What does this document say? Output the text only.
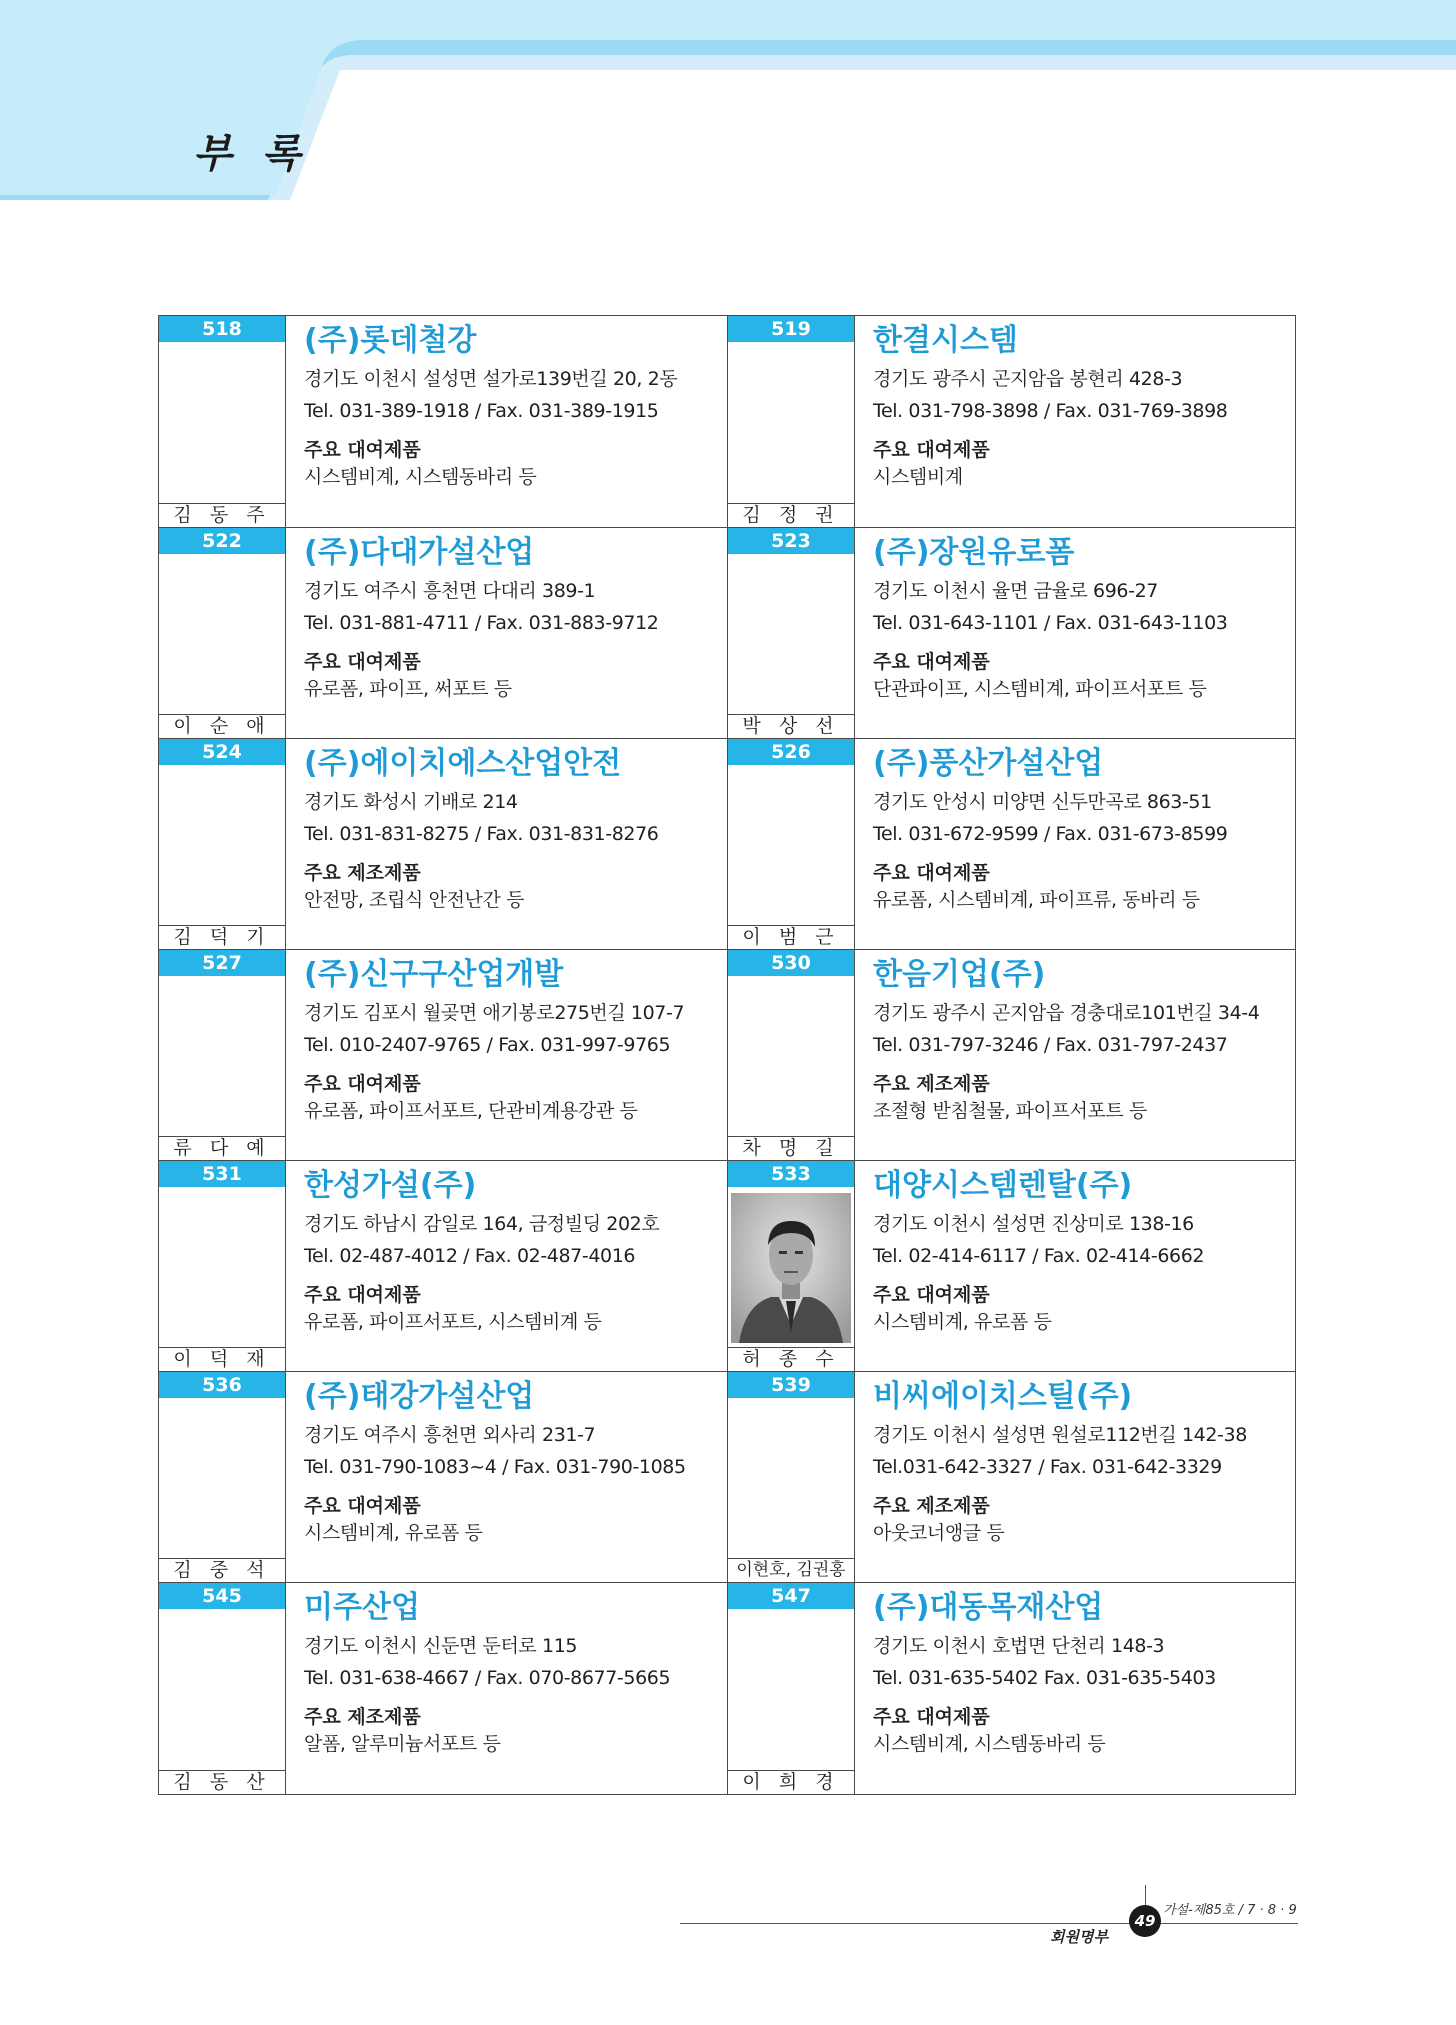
부 록
518
김 동 주
(주)롯데철강
경기도 이천시 설성면 설가로139번길 20, 2동
Tel. 031-389-1918 / Fax. 031-389-1915
주요 대여제품
시스템비계, 시스템동바리 등
519
김 정 권
한결시스템
경기도 광주시 곤지암읍 봉현리 428-3
Tel. 031-798-3898 / Fax. 031-769-3898
주요 대여제품
시스템비계
522
이 순 애
(주)다대가설산업
경기도 여주시 흥천면 다대리 389-1
Tel. 031-881-4711 / Fax. 031-883-9712
주요 대여제품
유로폼, 파이프, 써포트 등
523
박 상 선
(주)장원유로폼
경기도 이천시 율면 금율로 696-27
Tel. 031-643-1101 / Fax. 031-643-1103
주요 대여제품
단관파이프, 시스템비계, 파이프서포트 등
524
김 덕 기
(주)에이치에스산업안전
경기도 화성시 기배로 214
Tel. 031-831-8275 / Fax. 031-831-8276
주요 제조제품
안전망, 조립식 안전난간 등
526
이 범 근
(주)풍산가설산업
경기도 안성시 미양면 신두만곡로 863-51
Tel. 031-672-9599 / Fax. 031-673-8599
주요 대여제품
유로폼, 시스템비계, 파이프류, 동바리 등
527
류 다 예
(주)신구구산업개발
경기도 김포시 월곶면 애기봉로275번길 107-7
Tel. 010-2407-9765 / Fax. 031-997-9765
주요 대여제품
유로폼, 파이프서포트, 단관비계용강관 등
530
차 명 길
한음기업(주)
경기도 광주시 곤지암읍 경충대로101번길 34-4
Tel. 031-797-3246 / Fax. 031-797-2437
주요 제조제품
조절형 받침철물, 파이프서포트 등
531
이 덕 재
한성가설(주)
경기도 하남시 감일로 164, 금정빌딩 202호
Tel. 02-487-4012 / Fax. 02-487-4016
주요 대여제품
유로폼, 파이프서포트, 시스템비계 등
533
허 종 수
대양시스템렌탈(주)
경기도 이천시 설성면 진상미로 138-16
Tel. 02-414-6117 / Fax. 02-414-6662
주요 대여제품
시스템비계, 유로폼 등
536
김 중 석
(주)태강가설산업
경기도 여주시 흥천면 외사리 231-7
Tel. 031-790-1083~4 / Fax. 031-790-1085
주요 대여제품
시스템비계, 유로폼 등
539
이현호, 김권홍
비씨에이치스틸(주)
경기도 이천시 설성면 원설로112번길 142-38
Tel.031-642-3327 / Fax. 031-642-3329
주요 제조제품
아웃코너앵글 등
545
김 동 산
미주산업
경기도 이천시 신둔면 둔터로 115
Tel. 031-638-4667 / Fax. 070-8677-5665
주요 제조제품
알폼, 알루미늄서포트 등
547
이 희 경
(주)대동목재산업
경기도 이천시 호법면 단천리 148-3
Tel. 031-635-5402 Fax. 031-635-5403
주요 대여제품
시스템비계, 시스템동바리 등
49
가설-제85호 / 7 · 8 · 9
회원명부
